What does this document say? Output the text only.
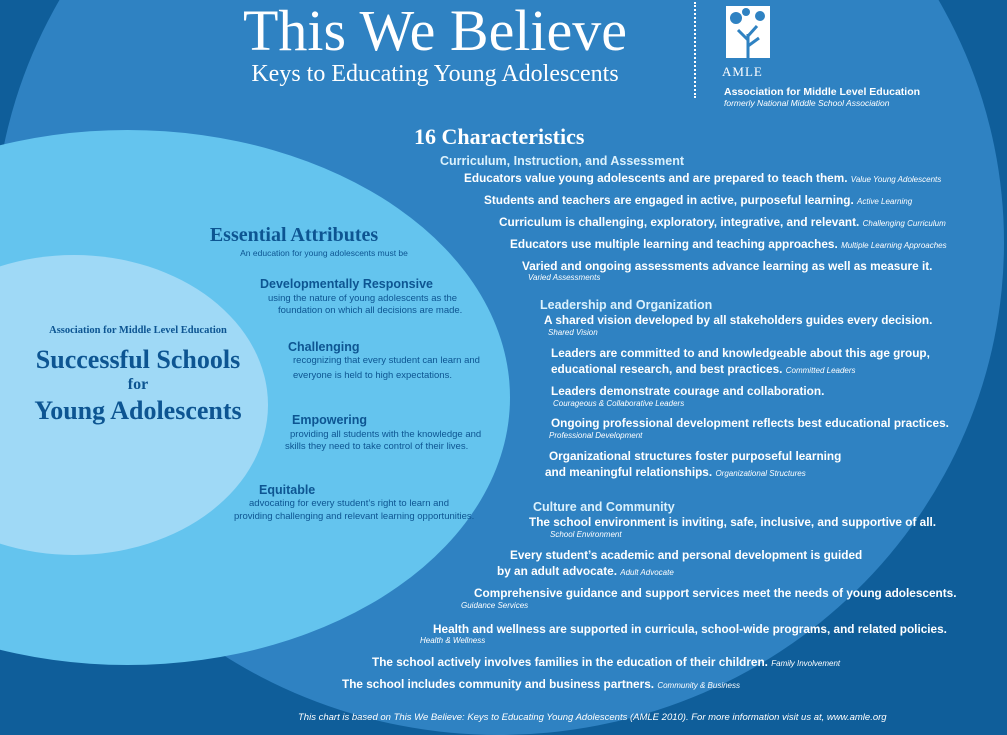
This We Believe
Keys to Educating Young Adolescents	AMLE
Association for Middle Level Education
formerly National Middle School Association
16 Characteristics
Curriculum, Instruction, and Assessment
Educators value young adolescents and are prepared to teach them. Value Young Adolescents
Students and teachers are engaged in active, purposeful learning. Active Learning
Curriculum is challenging, exploratory, integrative, and relevant. Challenging Curriculum
Educators use multiple learning and teaching approaches. Multiple Learning Approaches
Varied and ongoing assessments advance learning as well as measure it.
Varied Assessments
Leadership and Organization
A shared vision developed by all stakeholders guides every decision.
Shared Vision
Leaders are committed to and knowledgeable about this age group,
educational research, and best practices. Committed Leaders
Leaders demonstrate courage and collaboration.
Courageous & Collaborative Leaders
Ongoing professional development reflects best educational practices.
Professional Development
Organizational structures foster purposeful learning
and meaningful relationships. Organizational Structures
Culture and Community
The school environment is inviting, safe, inclusive, and supportive of all.
School Environment
Every student’s academic and personal development is guided
by an adult advocate. Adult Advocate
Comprehensive guidance and support services meet the needs of young adolescents.
Guidance Services
Health and wellness are supported in curricula, school-wide programs, and related policies.
Health & Wellness
The school actively involves families in the education of their children. Family Involvement
The school includes community and business partners. Community & Business
Essential Attributes
An education for young adolescents must be
Developmentally Responsive
using the nature of young adolescents as the
foundation on which all decisions are made.
Challenging
recognizing that every student can learn and
everyone is held to high expectations.
Empowering
providing all students with the knowledge and
skills they need to take control of their lives.
Equitable
advocating for every student’s right to learn and
providing challenging and relevant learning opportunities.
Association for Middle Level Education
Successful Schools
for
Young Adolescents
This chart is based on This We Believe: Keys to Educating Young Adolescents (AMLE 2010). For more information visit us at, www.amle.org
